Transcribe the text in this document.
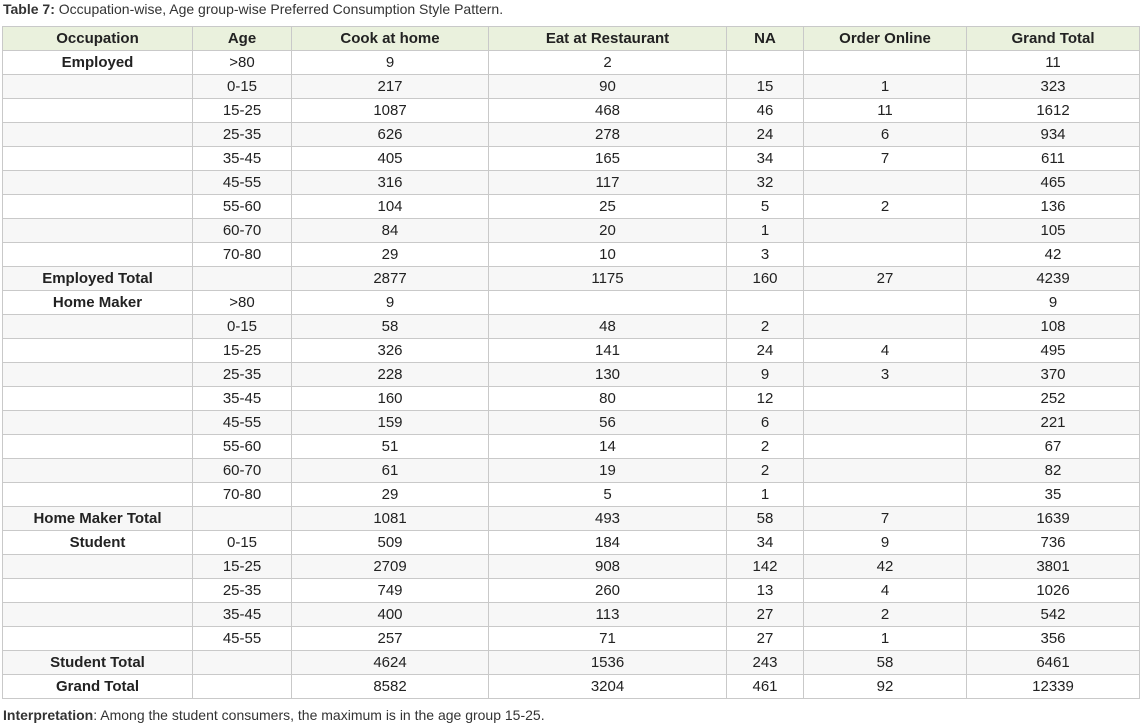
Table 7: Occupation-wise, Age group-wise Preferred Consumption Style Pattern.
Occupation	Age	Cook at home	Eat at Restaurant	NA	Order Online	Grand Total
Employed	>80	9	2			11
	0-15	217	90	15	1	323
	15-25	1087	468	46	11	1612
	25-35	626	278	24	6	934
	35-45	405	165	34	7	611
	45-55	316	117	32		465
	55-60	104	25	5	2	136
	60-70	84	20	1		105
	70-80	29	10	3		42
Employed Total		2877	1175	160	27	4239
Home Maker	>80	9				9
	0-15	58	48	2		108
	15-25	326	141	24	4	495
	25-35	228	130	9	3	370
	35-45	160	80	12		252
	45-55	159	56	6		221
	55-60	51	14	2		67
	60-70	61	19	2		82
	70-80	29	5	1		35
Home Maker Total		1081	493	58	7	1639
Student	0-15	509	184	34	9	736
	15-25	2709	908	142	42	3801
	25-35	749	260	13	4	1026
	35-45	400	113	27	2	542
	45-55	257	71	27	1	356
Student Total		4624	1536	243	58	6461
Grand Total		8582	3204	461	92	12339
Interpretation: Among the student consumers, the maximum is in the age group 15-25.
